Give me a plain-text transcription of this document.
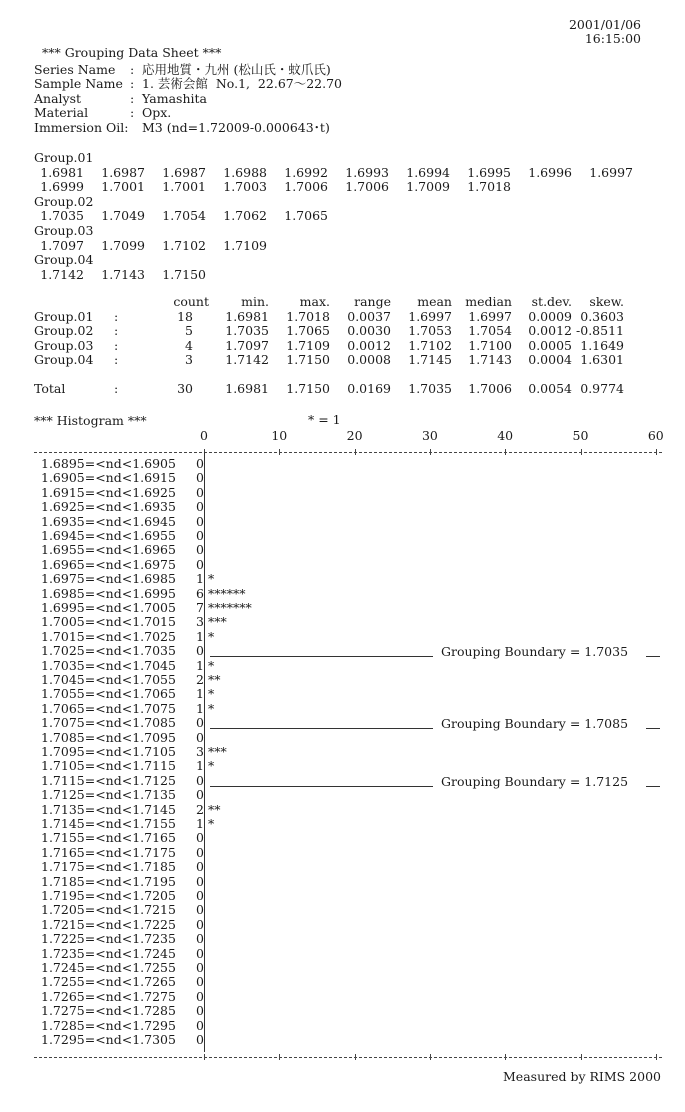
2001/01/06
16:15:00
*** Grouping Data Sheet ***
Series Name	: 応用地質・九州 (松山氏・蚊爪氏)
Sample Name : 1. 芸術会館  No.1,  22.67～22.70
Analyst	: Yamashita
Material	: Opx.
Immersion Oil:	M3 (nd=1.72009-0.000643･t)
Group.01
1.6981	1.6987	1.6987	1.6988	1.6992	1.6993	1.6994	1.6995	1.6996	1.6997
1.6999	1.7001	1.7001	1.7003	1.7006	1.7006	1.7009	1.7018
Group.02
1.7035	1.7049	1.7054	1.7062	1.7065
Group.03
1.7097	1.7099	1.7102	1.7109
Group.04
1.7142	1.7143	1.7150
count	min.	max.	range	mean	median	st.dev.	skew.
Group.01	:	18	1.6981	1.7018	0.0037	1.6997	1.6997	0.0009 0.3603
Group.02	:	5	1.7035	1.7065	0.0030	1.7053	1.7054	0.0012 -0.8511
Group.03	:	4	1.7097	1.7109	0.0012	1.7102	1.7100	0.0005 1.1649
Group.04	:	3	1.7142	1.7150	0.0008	1.7145	1.7143	0.0004 1.6301
Total	:	30	1.6981	1.7150	0.0169	1.7035	1.7006	0.0054 0.9774
*** Histogram ***	* = 1
0	10	20	30	40	50	60
1.6895=<nd<1.6905	0
1.6905=<nd<1.6915	0
1.6915=<nd<1.6925	0
1.6925=<nd<1.6935	0
1.6935=<nd<1.6945	0
1.6945=<nd<1.6955	0
1.6955=<nd<1.6965	0
1.6965=<nd<1.6975	0
1.6975=<nd<1.6985	1 *
1.6985=<nd<1.6995	6 ******
1.6995=<nd<1.7005	7 *******
1.7005=<nd<1.7015	3 ***
1.7015=<nd<1.7025	1 *
1.7025=<nd<1.7035	0	Grouping Boundary = 1.7035
1.7035=<nd<1.7045	1 *
1.7045=<nd<1.7055	2 **
1.7055=<nd<1.7065	1 *
1.7065=<nd<1.7075	1 *
1.7075=<nd<1.7085	0	Grouping Boundary = 1.7085
1.7085=<nd<1.7095	0
1.7095=<nd<1.7105	3 ***
1.7105=<nd<1.7115	1 *
1.7115=<nd<1.7125	0	Grouping Boundary = 1.7125
1.7125=<nd<1.7135	0
1.7135=<nd<1.7145	2 **
1.7145=<nd<1.7155	1 *
1.7155=<nd<1.7165	0
1.7165=<nd<1.7175	0
1.7175=<nd<1.7185	0
1.7185=<nd<1.7195	0
1.7195=<nd<1.7205	0
1.7205=<nd<1.7215	0
1.7215=<nd<1.7225	0
1.7225=<nd<1.7235	0
1.7235=<nd<1.7245	0
1.7245=<nd<1.7255	0
1.7255=<nd<1.7265	0
1.7265=<nd<1.7275	0
1.7275=<nd<1.7285	0
1.7285=<nd<1.7295	0
1.7295=<nd<1.7305	0
Measured by RIMS 2000
